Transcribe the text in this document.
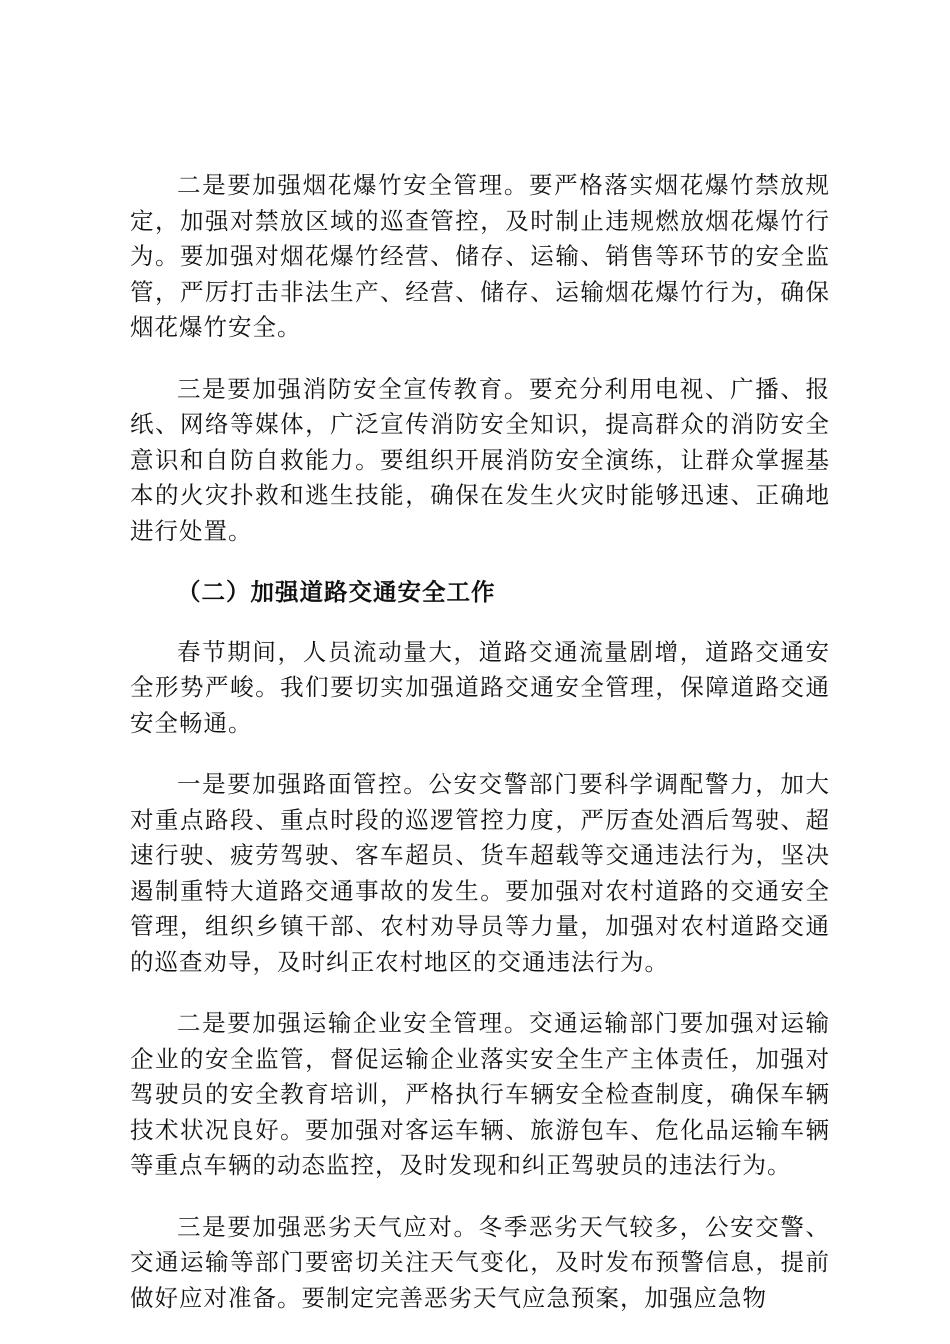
二是要加强烟花爆竹安全管理。要严格落实烟花爆竹禁放规定，加强对禁放区域的巡查管控，及时制止违规燃放烟花爆竹行为。要加强对烟花爆竹经营、储存、运输、销售等环节的安全监管，严厉打击非法生产、经营、储存、运输烟花爆竹行为，确保烟花爆竹安全。

三是要加强消防安全宣传教育。要充分利用电视、广播、报纸、网络等媒体，广泛宣传消防安全知识，提高群众的消防安全意识和自防自救能力。要组织开展消防安全演练，让群众掌握基本的火灾扑救和逃生技能，确保在发生火灾时能够迅速、正确地进行处置。

（二）加强道路交通安全工作

春节期间，人员流动量大，道路交通流量剧增，道路交通安全形势严峻。我们要切实加强道路交通安全管理，保障道路交通安全畅通。

一是要加强路面管控。公安交警部门要科学调配警力，加大对重点路段、重点时段的巡逻管控力度，严厉查处酒后驾驶、超速行驶、疲劳驾驶、客车超员、货车超载等交通违法行为，坚决遏制重特大道路交通事故的发生。要加强对农村道路的交通安全管理，组织乡镇干部、农村劝导员等力量，加强对农村道路交通的巡查劝导，及时纠正农村地区的交通违法行为。

二是要加强运输企业安全管理。交通运输部门要加强对运输企业的安全监管，督促运输企业落实安全生产主体责任，加强对驾驶员的安全教育培训，严格执行车辆安全检查制度，确保车辆技术状况良好。要加强对客运车辆、旅游包车、危化品运输车辆等重点车辆的动态监控，及时发现和纠正驾驶员的违法行为。

三是要加强恶劣天气应对。冬季恶劣天气较多，公安交警、交通运输等部门要密切关注天气变化，及时发布预警信息，提前做好应对准备。要制定完善恶劣天气应急预案，加强应急物
